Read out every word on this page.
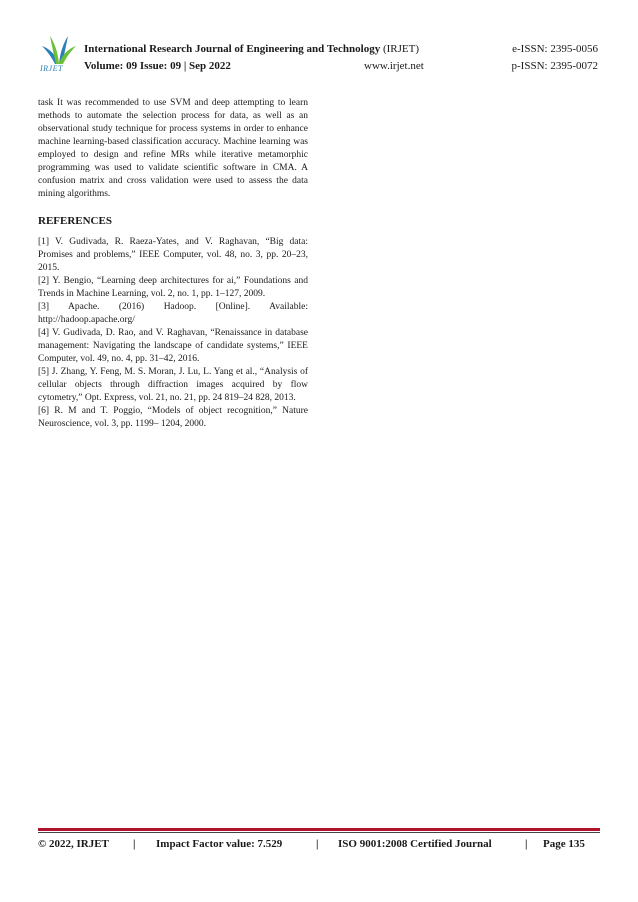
IRJET
International Research Journal of Engineering and Technology (IRJET)	e-ISSN: 2395-0056
Volume: 09 Issue: 09 | Sep 2022	www.irjet.net	p-ISSN: 2395-0072

task It was recommended to use SVM and deep attempting to learn methods to automate the selection process for data, as well as an observational study technique for process systems in order to enhance machine learning-based classification accuracy. Machine learning was employed to design and refine MRs while iterative metamorphic programming was used to validate scientific software in CMA. A confusion matrix and cross validation were used to assess the data mining algorithms.

REFERENCES

[1] V. Gudivada, R. Raeza-Yates, and V. Raghavan, “Big data: Promises and problems,” IEEE Computer, vol. 48, no. 3, pp. 20–23, 2015.

[2] Y. Bengio, “Learning deep architectures for ai,” Foundations and Trends in Machine Learning, vol. 2, no. 1, pp. 1–127, 2009.

[3] Apache. (2016) Hadoop. [Online]. Available: http://hadoop.apache.org/

[4] V. Gudivada, D. Rao, and V. Raghavan, “Renaissance in database management: Navigating the landscape of candidate systems,” IEEE Computer, vol. 49, no. 4, pp. 31–42, 2016.

[5] J. Zhang, Y. Feng, M. S. Moran, J. Lu, L. Yang et al., “Analysis of cellular objects through diffraction images acquired by flow cytometry,” Opt. Express, vol. 21, no. 21, pp. 24 819–24 828, 2013.

[6] R. M and T. Poggio, “Models of object recognition,” Nature Neuroscience, vol. 3, pp. 1199– 1204, 2000.

© 2022, IRJET | Impact Factor value: 7.529	| ISO 9001:2008 Certified Journal	| Page 135
